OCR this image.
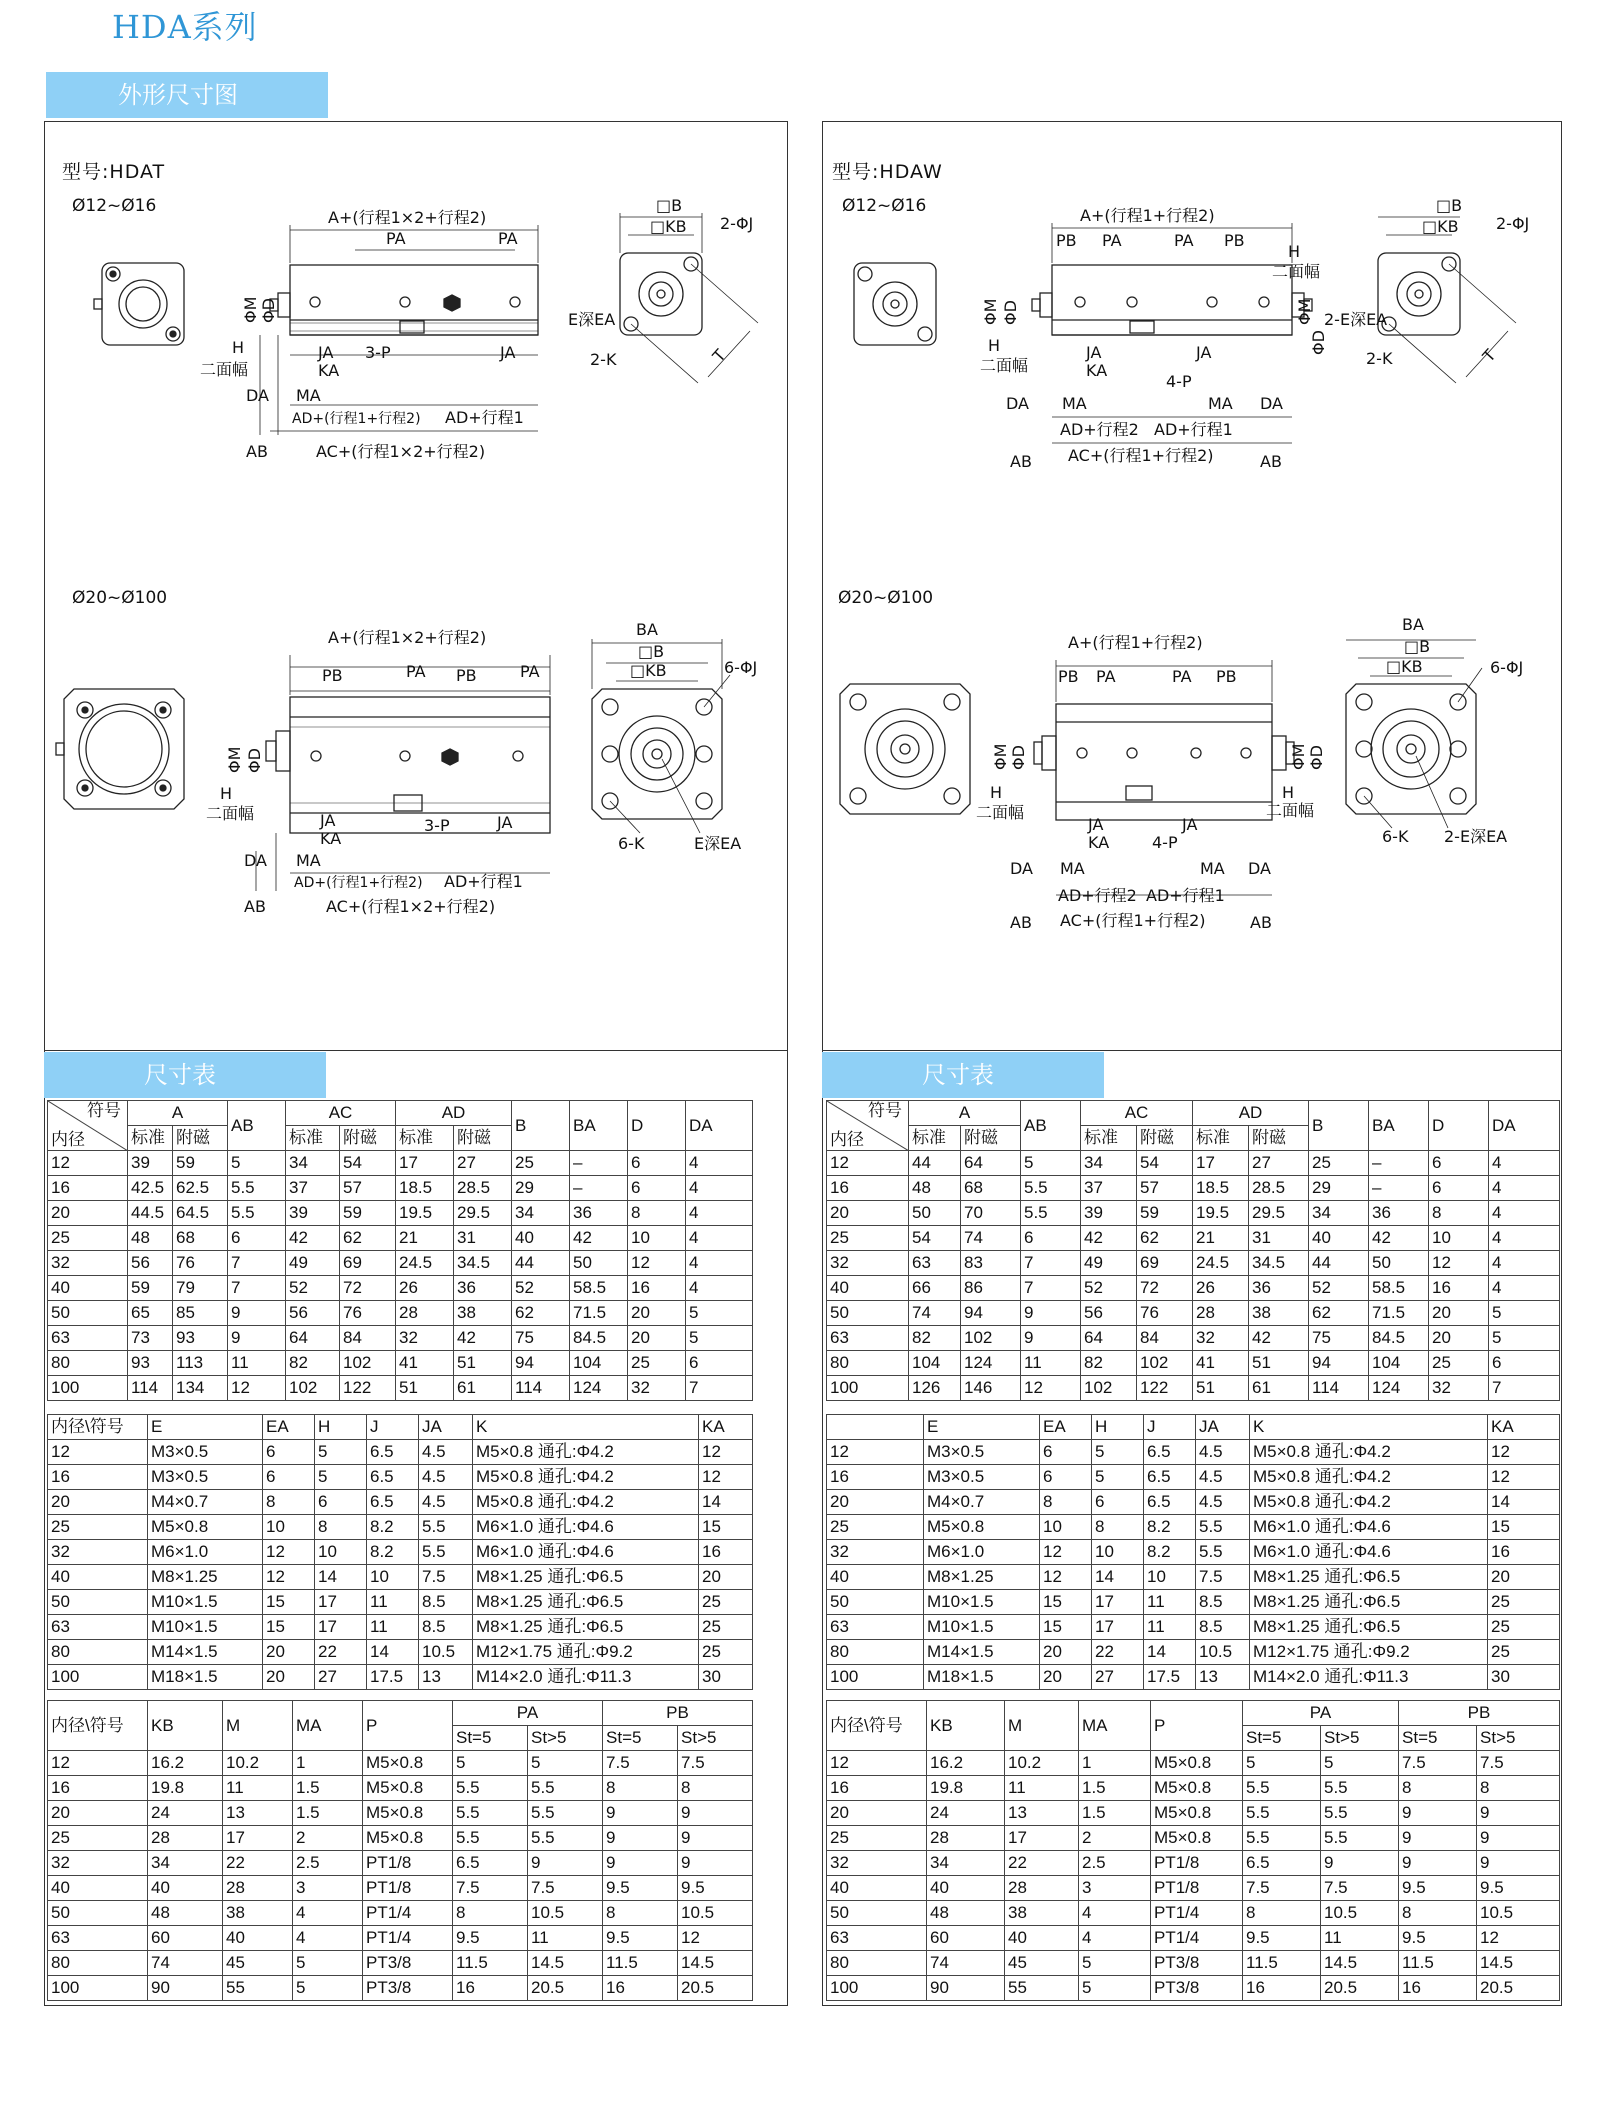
HDA系列
外形尺寸图
型号:HDAT
Ø12~Ø16
Ø20~Ø100
A+(行程1×2+行程2)
PA	PA
ΦM ΦD
H
二面幅
JA 3-P	JA
KA
DA MA
AD+(行程1+行程2) AD+行程1
AB	AC+(行程1×2+行程2)
□B
□KB 2-ΦJ
E深EA
2-K	T
A+(行程1×2+行程2)
PB	PA PB	PA
ΦM ΦD
H
二面幅	JA
KA
3-P	JA
DA MA
AD+(行程1+行程2) AD+行程1
AB	AC+(行程1×2+行程2)
BA
□B
□KB	6-ΦJ
6-K	E深EA
型号:HDAW
Ø12~Ø16
Ø20~Ø100
A+(行程1+行程2)
PB PA	PA PB
H
二面幅
ΦM ΦD	ΦM
ΦD
H
二面幅
JA
KA
JA
4-P
DA MA	MA DA
AD+行程2 AD+行程1
AB AC+(行程1+行程2)	AB
□B
□KB 2-ΦJ
2-E深EA
2-K	T
A+(行程1+行程2)
PB PA	PA PB
BA
□B
□KB	6-ΦJ
ΦM ΦD	ΦM ΦD
H
二面幅
H
二面幅
JA
KA
JA
4-P	6-K 2-E深EA
DA MA	MA DA
AD+行程2 AD+行程1
AB AC+(行程1+行程2)	AB
尺寸表	尺寸表
符号
内径	A		AB	AC		AD		B	BA	D	DA
	标准	附磁		标准	附磁	标准	附磁				
12	39	59	5	34	54	17	27	25	–	6	4
16	42.5	62.5	5.5	37	57	18.5	28.5	29	–	6	4
20	44.5	64.5	5.5	39	59	19.5	29.5	34	36	8	4
25	48	68	6	42	62	21	31	40	42	10	4
32	56	76	7	49	69	24.5	34.5	44	50	12	4
40	59	79	7	52	72	26	36	52	58.5	16	4
50	65	85	9	56	76	28	38	62	71.5	20	5
63	73	93	9	64	84	32	42	75	84.5	20	5
80	93	113	11	82	102	41	51	94	104	25	6
100	114	134	12	102	122	51	61	114	124	32	7
内径\符号	E	EA	H	J	JA	K	KA
12	M3×0.5	6	5	6.5	4.5	M5×0.8 通孔:Φ4.2	12
16	M3×0.5	6	5	6.5	4.5	M5×0.8 通孔:Φ4.2	12
20	M4×0.7	8	6	6.5	4.5	M5×0.8 通孔:Φ4.2	14
25	M5×0.8	10	8	8.2	5.5	M6×1.0 通孔:Φ4.6	15
32	M6×1.0	12	10	8.2	5.5	M6×1.0 通孔:Φ4.6	16
40	M8×1.25	12	14	10	7.5	M8×1.25 通孔:Φ6.5	20
50	M10×1.5	15	17	11	8.5	M8×1.25 通孔:Φ6.5	25
63	M10×1.5	15	17	11	8.5	M8×1.25 通孔:Φ6.5	25
80	M14×1.5	20	22	14	10.5	M12×1.75 通孔:Φ9.2	25
100	M18×1.5	20	27	17.5	13	M14×2.0 通孔:Φ11.3	30
内径\符号	KB	M	MA	P	PA		PB	
					St=5	St>5	St=5	St>5
12	16.2	10.2	1	M5×0.8	5	5	7.5	7.5
16	19.8	11	1.5	M5×0.8	5.5	5.5	8	8
20	24	13	1.5	M5×0.8	5.5	5.5	9	9
25	28	17	2	M5×0.8	5.5	5.5	9	9
32	34	22	2.5	PT1/8	6.5	9	9	9
40	40	28	3	PT1/8	7.5	7.5	9.5	9.5
50	48	38	4	PT1/4	8	10.5	8	10.5
63	60	40	4	PT1/4	9.5	11	9.5	12
80	74	45	5	PT3/8	11.5	14.5	11.5	14.5
100	90	55	5	PT3/8	16	20.5	16	20.5
符号
内径	A		AB	AC		AD		B	BA	D	DA
	标准	附磁		标准	附磁	标准	附磁				
12	44	64	5	34	54	17	27	25	–	6	4
16	48	68	5.5	37	57	18.5	28.5	29	–	6	4
20	50	70	5.5	39	59	19.5	29.5	34	36	8	4
25	54	74	6	42	62	21	31	40	42	10	4
32	63	83	7	49	69	24.5	34.5	44	50	12	4
40	66	86	7	52	72	26	36	52	58.5	16	4
50	74	94	9	56	76	28	38	62	71.5	20	5
63	82	102	9	64	84	32	42	75	84.5	20	5
80	104	124	11	82	102	41	51	94	104	25	6
100	126	146	12	102	122	51	61	114	124	32	7
	E	EA	H	J	JA	K	KA
12	M3×0.5	6	5	6.5	4.5	M5×0.8 通孔:Φ4.2	12
16	M3×0.5	6	5	6.5	4.5	M5×0.8 通孔:Φ4.2	12
20	M4×0.7	8	6	6.5	4.5	M5×0.8 通孔:Φ4.2	14
25	M5×0.8	10	8	8.2	5.5	M6×1.0 通孔:Φ4.6	15
32	M6×1.0	12	10	8.2	5.5	M6×1.0 通孔:Φ4.6	16
40	M8×1.25	12	14	10	7.5	M8×1.25 通孔:Φ6.5	20
50	M10×1.5	15	17	11	8.5	M8×1.25 通孔:Φ6.5	25
63	M10×1.5	15	17	11	8.5	M8×1.25 通孔:Φ6.5	25
80	M14×1.5	20	22	14	10.5	M12×1.75 通孔:Φ9.2	25
100	M18×1.5	20	27	17.5	13	M14×2.0 通孔:Φ11.3	30
内径\符号	KB	M	MA	P	PA		PB	
					St=5	St>5	St=5	St>5
12	16.2	10.2	1	M5×0.8	5	5	7.5	7.5
16	19.8	11	1.5	M5×0.8	5.5	5.5	8	8
20	24	13	1.5	M5×0.8	5.5	5.5	9	9
25	28	17	2	M5×0.8	5.5	5.5	9	9
32	34	22	2.5	PT1/8	6.5	9	9	9
40	40	28	3	PT1/8	7.5	7.5	9.5	9.5
50	48	38	4	PT1/4	8	10.5	8	10.5
63	60	40	4	PT1/4	9.5	11	9.5	12
80	74	45	5	PT3/8	11.5	14.5	11.5	14.5
100	90	55	5	PT3/8	16	20.5	16	20.5
